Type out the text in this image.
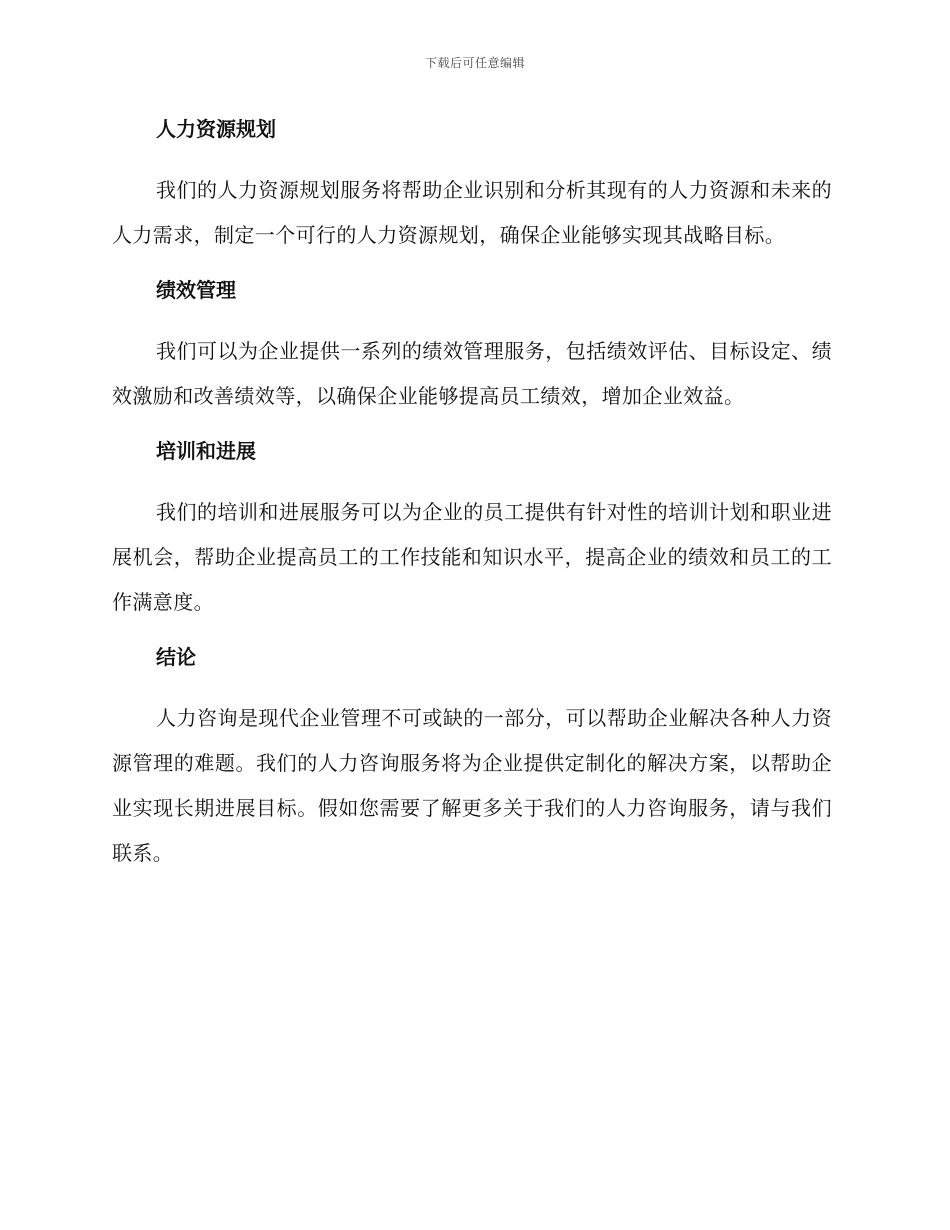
下载后可任意编辑
人力资源规划

我们的人力资源规划服务将帮助企业识别和分析其现有的人力资源和未来的人力需求，制定一个可行的人力资源规划，确保企业能够实现其战略目标。

绩效管理

我们可以为企业提供一系列的绩效管理服务，包括绩效评估、目标设定、绩效激励和改善绩效等，以确保企业能够提高员工绩效，增加企业效益。

培训和进展

我们的培训和进展服务可以为企业的员工提供有针对性的培训计划和职业进展机会，帮助企业提高员工的工作技能和知识水平，提高企业的绩效和员工的工作满意度。

结论

人力咨询是现代企业管理不可或缺的一部分，可以帮助企业解决各种人力资源管理的难题。我们的人力咨询服务将为企业提供定制化的解决方案，以帮助企业实现长期进展目标。假如您需要了解更多关于我们的人力咨询服务，请与我们联系。
